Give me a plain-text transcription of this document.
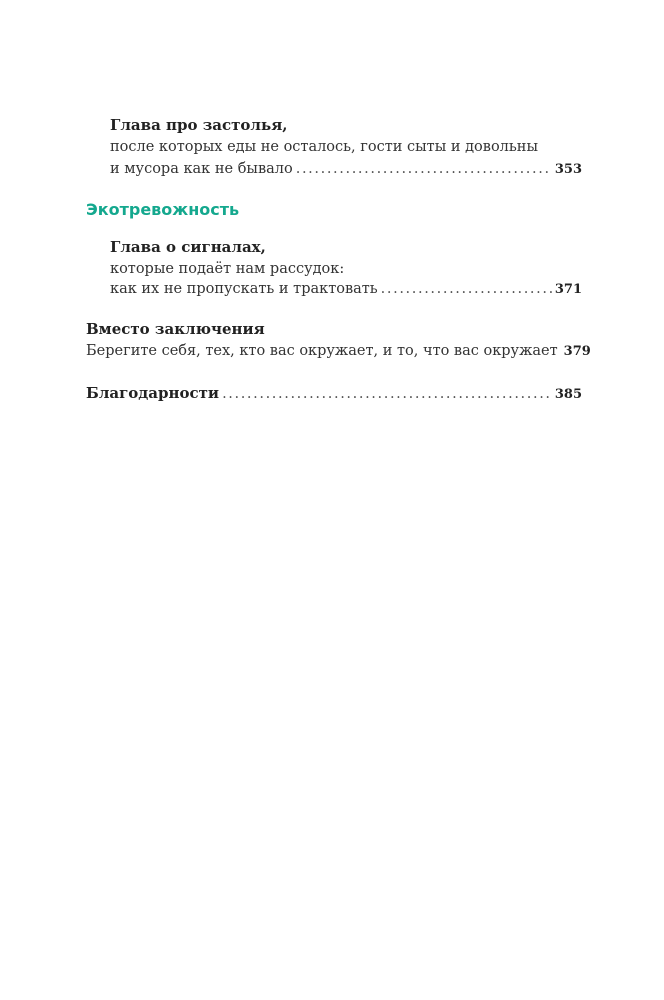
Глава про застолья,
после которых еды не осталось, гости сыты и довольны
и мусора как не бывало . . .	353
Экотревожность
Глава о сигналах,
которые подаёт нам рассудок:
как их не пропускать и трактовать . . .	371
Вместо заключения
Берегите себя, тех, кто вас окружает, и то, что вас окружает 379
Благодарности . . .	385
